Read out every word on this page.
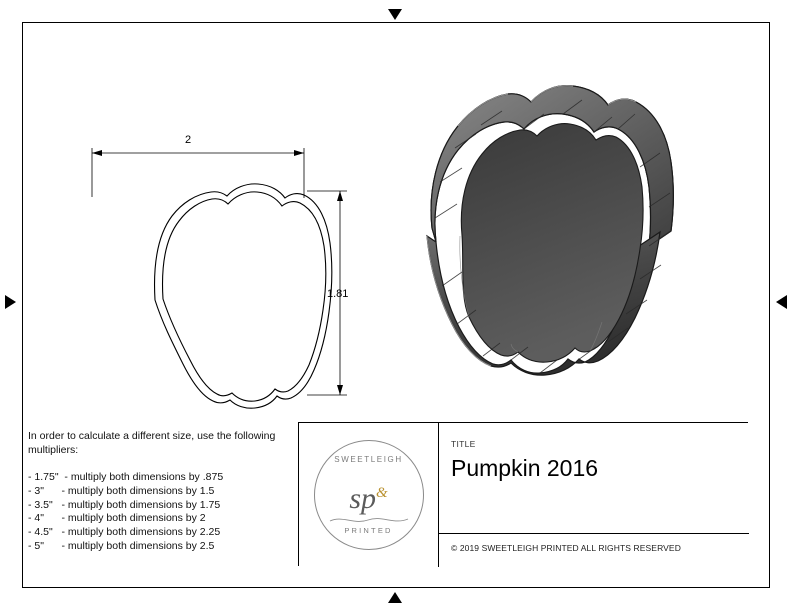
2
1.81
In order to calculate a different size, use the following multipliers:
- 1.75"  - multiply both dimensions by .875
- 3"      - multiply both dimensions by 1.5
- 3.5"   - multiply both dimensions by 1.75
- 4"      - multiply both dimensions by 2
- 4.5"   - multiply both dimensions by 2.25
- 5"      - multiply both dimensions by 2.5
SWEETLEIGH
sp&
PRINTED
TITLE
Pumpkin 2016
© 2019 SWEETLEIGH PRINTED ALL RIGHTS RESERVED
